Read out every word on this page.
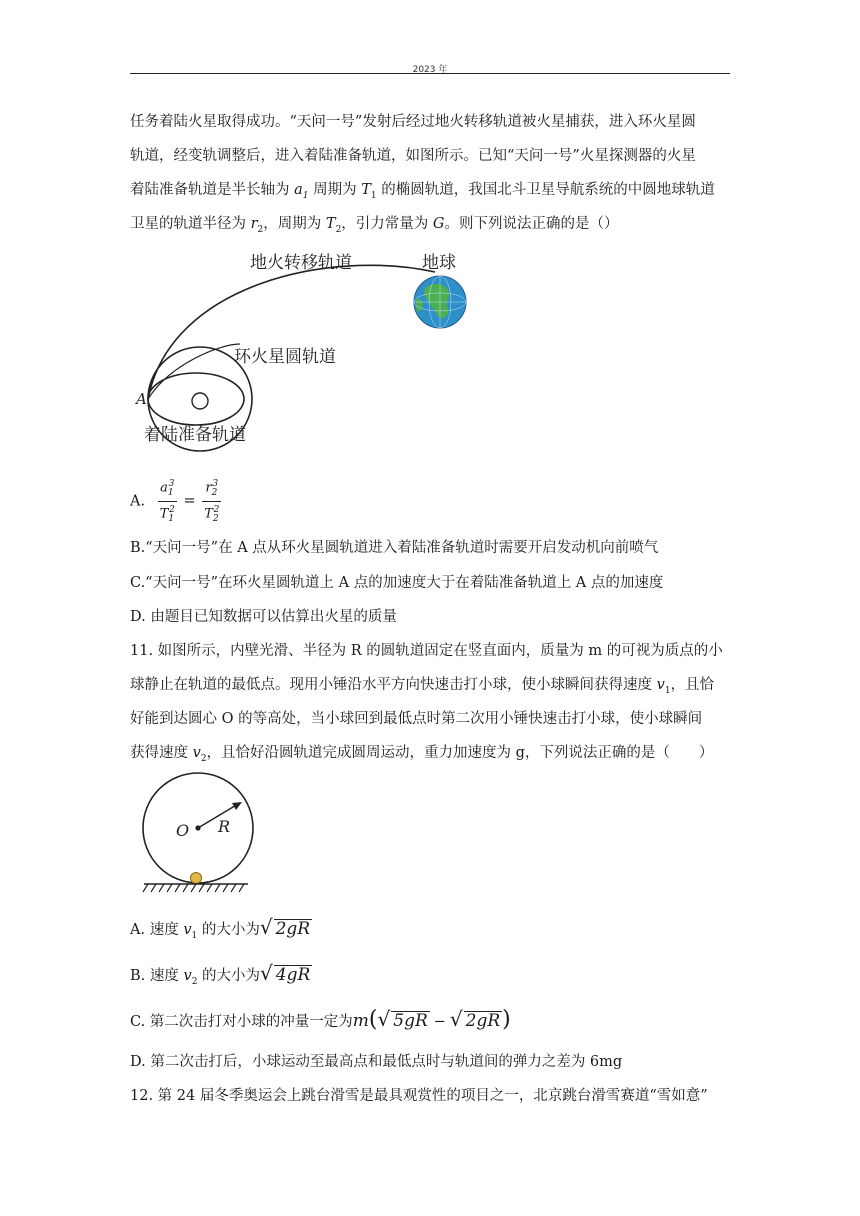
2023 年
任务着陆火星取得成功。“天问一号”发射后经过地火转移轨道被火星捕获，进入环火星圆
轨道，经变轨调整后，进入着陆准备轨道，如图所示。已知“天问一号”火星探测器的火星
着陆准备轨道是半长轴为 $a_1$ 周期为 $T_1$ 的椭圆轨道，我国北斗卫星导航系统的中圆地球轨道
卫星的轨道半径为 $r_2$，周期为 $T_2$，引力常量为 G。则下列说法正确的是（）
地火转移轨道	地球
环火星圆轨道
A
着陆准备轨道
A. $\frac{a_1^3}{T_1^2} = \frac{r_2^3}{T_2^2}$
B.“天问一号”在 A 点从环火星圆轨道进入着陆准备轨道时需要开启发动机向前喷气
C.“天问一号”在环火星圆轨道上 A 点的加速度大于在着陆准备轨道上 A 点的加速度
D. 由题目已知数据可以估算出火星的质量
11. 如图所示，内壁光滑、半径为 R 的圆轨道固定在竖直面内，质量为 m 的可视为质点的小
球静止在轨道的最低点。现用小锤沿水平方向快速击打小球，使小球瞬间获得速度 $v_1$，且恰
好能到达圆心 O 的等高处，当小球回到最低点时第二次用小锤快速击打小球，使小球瞬间
获得速度 $v_2$，且恰好沿圆轨道完成圆周运动，重力加速度为 g，下列说法正确的是（　　）
O R
A. 速度 $v_1$ 的大小为√ 2gR
B. 速度 $v_2$ 的大小为√ 4gR
C. 第二次击打对小球的冲量一定为m(√ 5gR − √ 2gR)
D. 第二次击打后，小球运动至最高点和最低点时与轨道间的弹力之差为 6mg
12. 第 24 届冬季奥运会上跳台滑雪是最具观赏性的项目之一，北京跳台滑雪赛道“雪如意”
